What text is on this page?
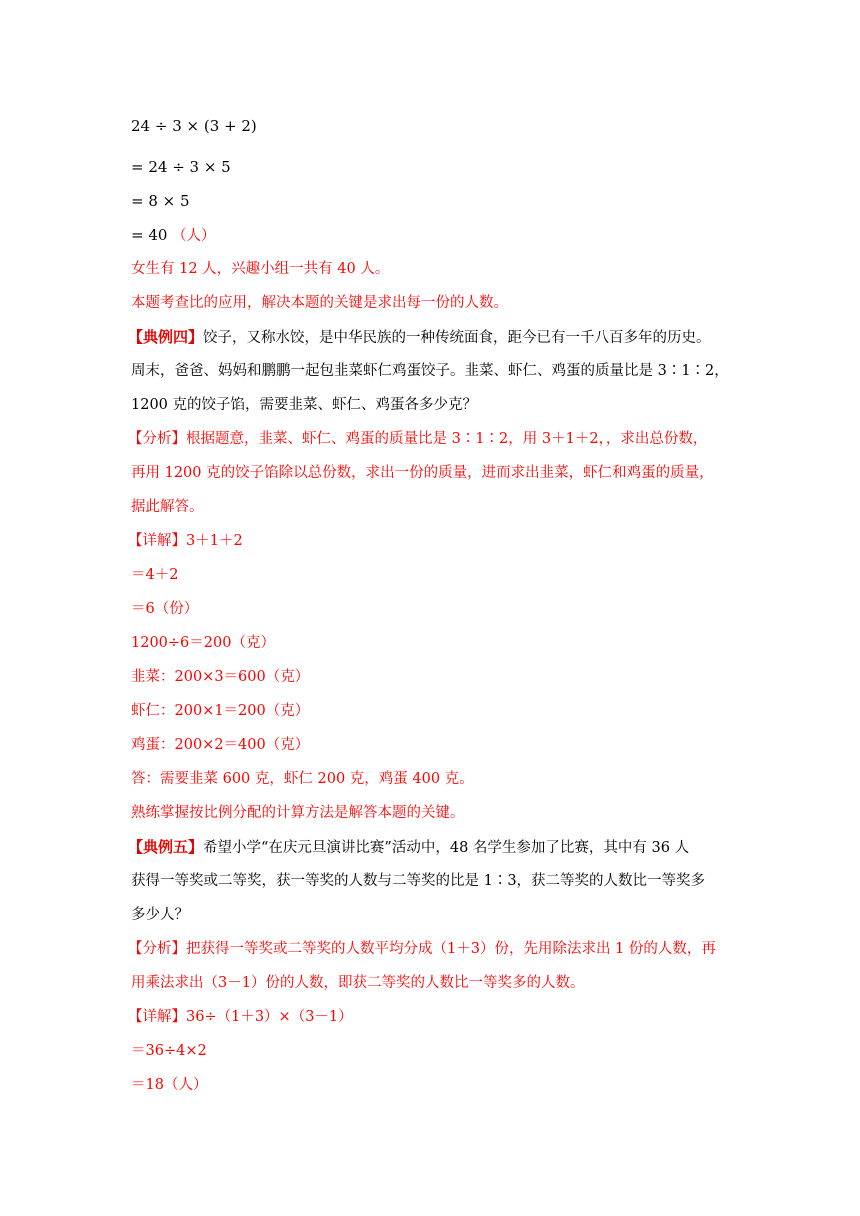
24 ÷ 3 × (3 + 2)
= 24 ÷ 3 × 5
= 8 × 5
= 40 （人）
女生有 12 人，兴趣小组一共有 40 人。
本题考查比的应用，解决本题的关键是求出每一份的人数。
【典例四】饺子，又称水饺，是中华民族的一种传统面食，距今已有一千八百多年的历史。
周末，爸爸、妈妈和鹏鹏一起包韭菜虾仁鸡蛋饺子。韭菜、虾仁、鸡蛋的质量比是 3∶1∶2，
1200 克的饺子馅，需要韭菜、虾仁、鸡蛋各多少克？
【分析】根据题意，韭菜、虾仁、鸡蛋的质量比是 3∶1∶2，用 3＋1＋2，，求出总份数，
再用 1200 克的饺子馅除以总份数，求出一份的质量，进而求出韭菜，虾仁和鸡蛋的质量，
据此解答。
【详解】3＋1＋2
＝4＋2
＝6（份）
1200÷6＝200（克）
韭菜：200×3＝600（克）
虾仁：200×1＝200（克）
鸡蛋：200×2＝400（克）
答：需要韭菜 600 克，虾仁 200 克，鸡蛋 400 克。
熟练掌握按比例分配的计算方法是解答本题的关键。
【典例五】希望小学“在庆元旦演讲比赛”活动中，48 名学生参加了比赛，其中有 36 人
获得一等奖或二等奖，获一等奖的人数与二等奖的比是 1∶3，获二等奖的人数比一等奖多
多少人？
【分析】把获得一等奖或二等奖的人数平均分成（1＋3）份，先用除法求出 1 份的人数，再
用乘法求出（3－1）份的人数，即获二等奖的人数比一等奖多的人数。
【详解】36÷（1＋3）×（3－1）
＝36÷4×2
＝18（人）
